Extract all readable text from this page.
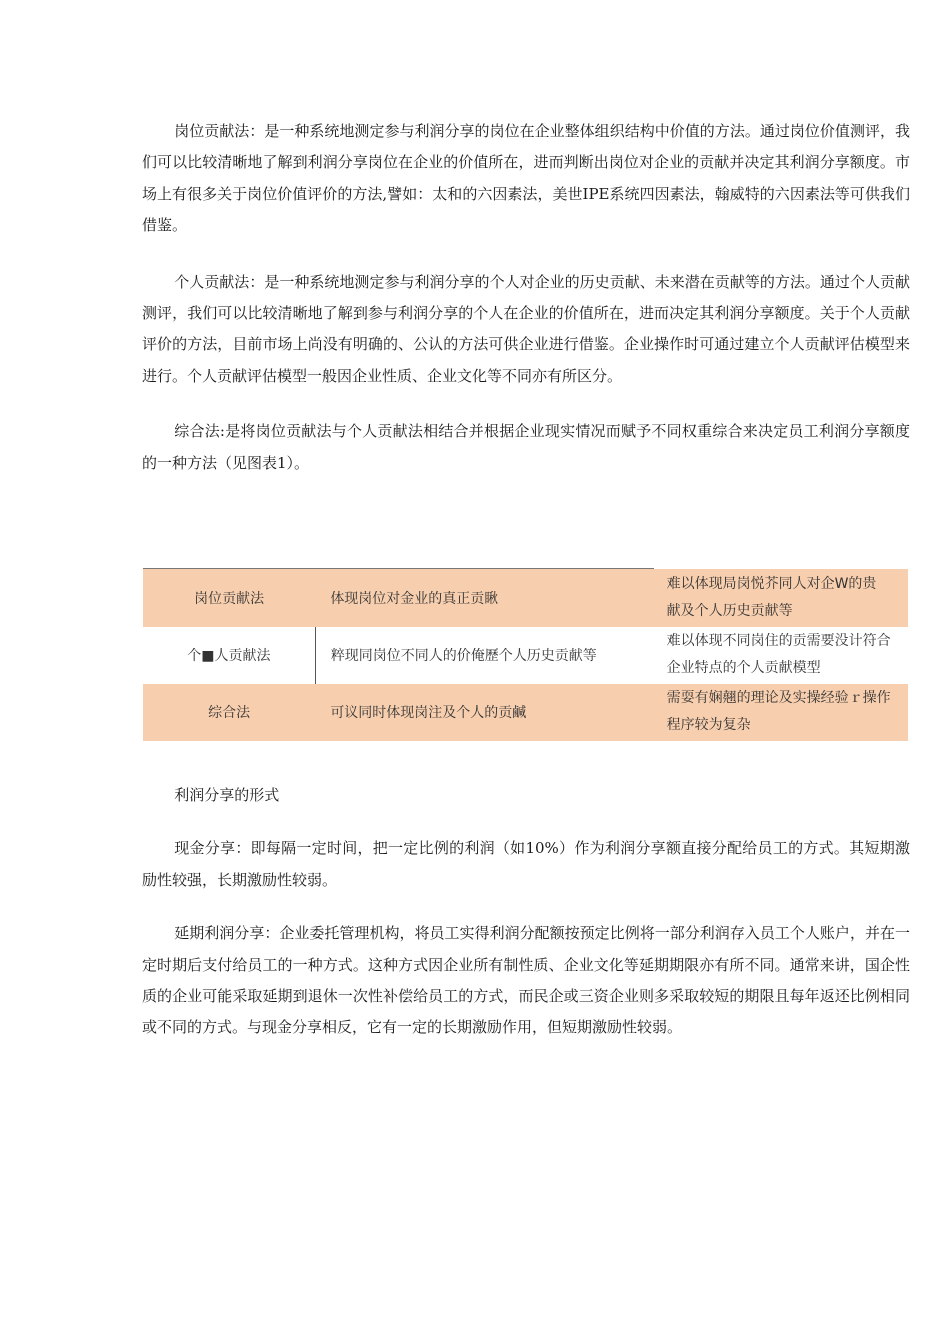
岗位贡献法：是一种系统地测定参与利润分享的岗位在企业整体组织结构中价值的方法。通过岗位价值测评，我们可以比较清晰地了解到利润分享岗位在企业的价值所在，进而判断出岗位对企业的贡献并决定其利润分享额度。市场上有很多关于岗位价值评价的方法,譬如：太和的六因素法，美世IPE系统四因素法，翰威特的六因素法等可供我们借鉴。

个人贡献法：是一种系统地测定参与利润分享的个人对企业的历史贡献、未来潜在贡献等的方法。通过个人贡献测评，我们可以比较清晰地了解到参与利润分享的个人在企业的价值所在，进而决定其利润分享额度。关于个人贡献评价的方法，目前市场上尚没有明确的、公认的方法可供企业进行借鉴。企业操作时可通过建立个人贡献评估模型来进行。个人贡献评估模型一般因企业性质、企业文化等不同亦有所区分。

综合法:是将岗位贡献法与个人贡献法相结合并根据企业现实情况而赋予不同权重综合来决定员工利润分享额度的一种方法（见图表1）。

岗位贡献法	体现岗位对金业的真正贡瞅	难以体现局岗悦芥同人对企W的贵
献及个人历史贡献等
个■人贡献法	粹现同岗位不同人的价俺歷个人历史贡献等	难以体现不同岗住的贡需要没计符合
企业特点的个人贡献模型
综合法	可议同时体现岗注及个人的贡鹹	需耍有娴翹的理论及实操经验ｒ操作
程序较为复杂

利润分享的形式

现金分享：即每隔一定时间，把一定比例的利润（如10%）作为利润分享额直接分配给员工的方式。其短期激励性较强，长期激励性较弱。

延期利润分享：企业委托管理机构，将员工实得利润分配额按预定比例将一部分利润存入员工个人账户，并在一定时期后支付给员工的一种方式。这种方式因企业所有制性质、企业文化等延期期限亦有所不同。通常来讲，国企性质的企业可能采取延期到退休一次性补偿给员工的方式，而民企或三资企业则多采取较短的期限且每年返还比例相同或不同的方式。与现金分享相反，它有一定的长期激励作用，但短期激励性较弱。
